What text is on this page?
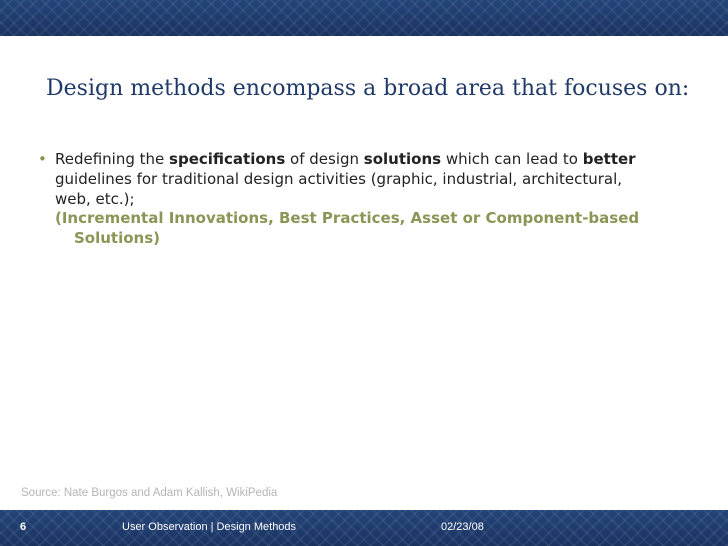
Design methods encompass a broad area that focuses on:
• Redefining the specifications of design solutions which can lead to better guidelines for traditional design activities (graphic, industrial, architectural, web, etc.);

(Incremental Innovations, Best Practices, Asset or Component-based
Solutions)

Source: Nate Burgos and Adam Kallish, WikiPedia

6	User Observation | Design Methods	02/23/08
